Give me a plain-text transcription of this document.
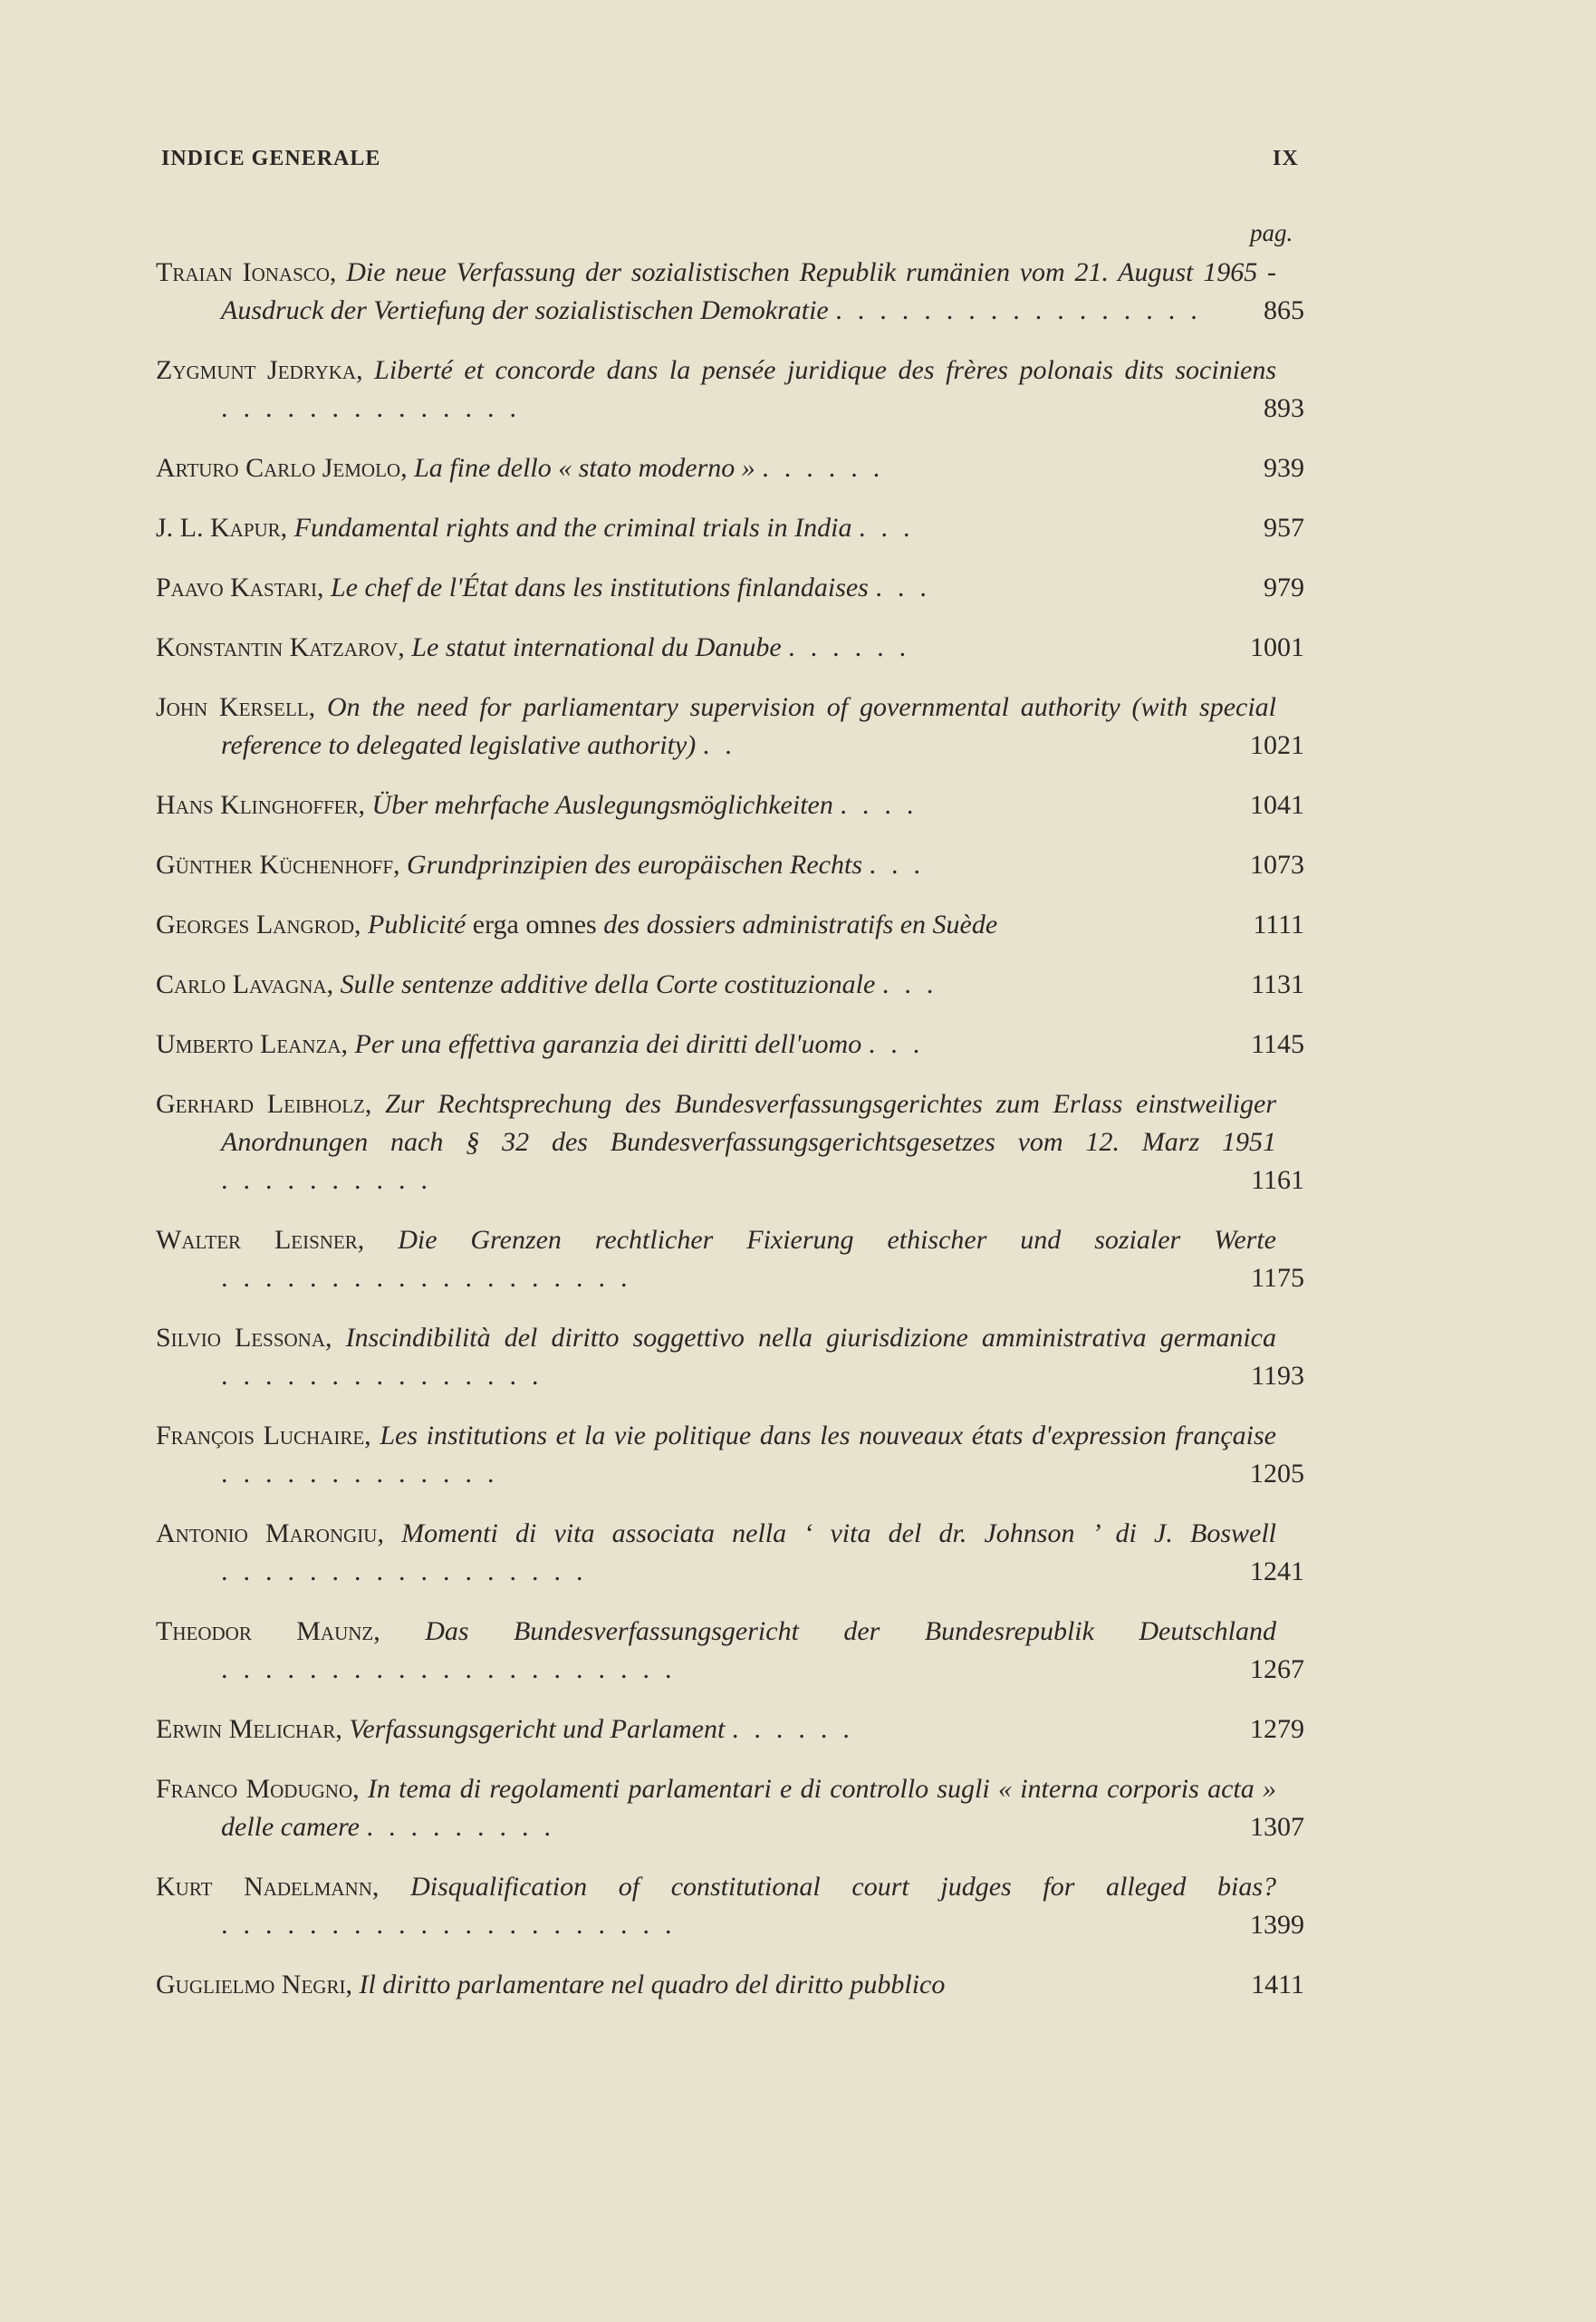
INDICE GENERALE	IX
pag.
Traian Ionasco, Die neue Verfassung der sozialistischen Republik rumänien vom 21. August 1965 - Ausdruck der Vertiefung der sozialistischen Demokratie .................	865
Zygmunt Jedryka, Liberté et concorde dans la pensée juridique des frères polonais dits sociniens ..............	893
Arturo Carlo Jemolo, La fine dello « stato moderno » ......	939
J. L. Kapur, Fundamental rights and the criminal trials in India ...	957
Paavo Kastari, Le chef de l'État dans les institutions finlandaises ...	979
Konstantin Katzarov, Le statut international du Danube ......	1001
John Kersell, On the need for parliamentary supervision of governmental authority (with special reference to delegated legislative authority) ..	1021
Hans Klinghoffer, Über mehrfache Auslegungsmöglichkeiten ....	1041
Günther Küchenhoff, Grundprinzipien des europäischen Rechts ...	1073
Georges Langrod, Publicité erga omnes des dossiers administratifs en Suède	1111
Carlo Lavagna, Sulle sentenze additive della Corte costituzionale ...	1131
Umberto Leanza, Per una effettiva garanzia dei diritti dell'uomo ...	1145
Gerhard Leibholz, Zur Rechtsprechung des Bundesverfassungsgerichtes zum Erlass einstweiliger Anordnungen nach § 32 des Bundesverfassungsgerichtsgesetzes vom 12. Marz 1951 ..........	1161
Walter Leisner, Die Grenzen rechtlicher Fixierung ethischer und sozialer Werte ...................	1175
Silvio Lessona, Inscindibilità del diritto soggettivo nella giurisdizione amministrativa germanica ...............	1193
François Luchaire, Les institutions et la vie politique dans les nouveaux états d'expression française .............	1205
Antonio Marongiu, Momenti di vita associata nella ‘ vita del dr. Johnson ’ di J. Boswell .................	1241
Theodor Maunz, Das Bundesverfassungsgericht der Bundesrepublik Deutschland .....................	1267
Erwin Melichar, Verfassungsgericht und Parlament ......	1279
Franco Modugno, In tema di regolamenti parlamentari e di controllo sugli « interna corporis acta » delle camere .........	1307
Kurt Nadelmann, Disqualification of constitutional court judges for alleged bias? .....................	1399
Guglielmo Negri, Il diritto parlamentare nel quadro del diritto pubblico	1411
